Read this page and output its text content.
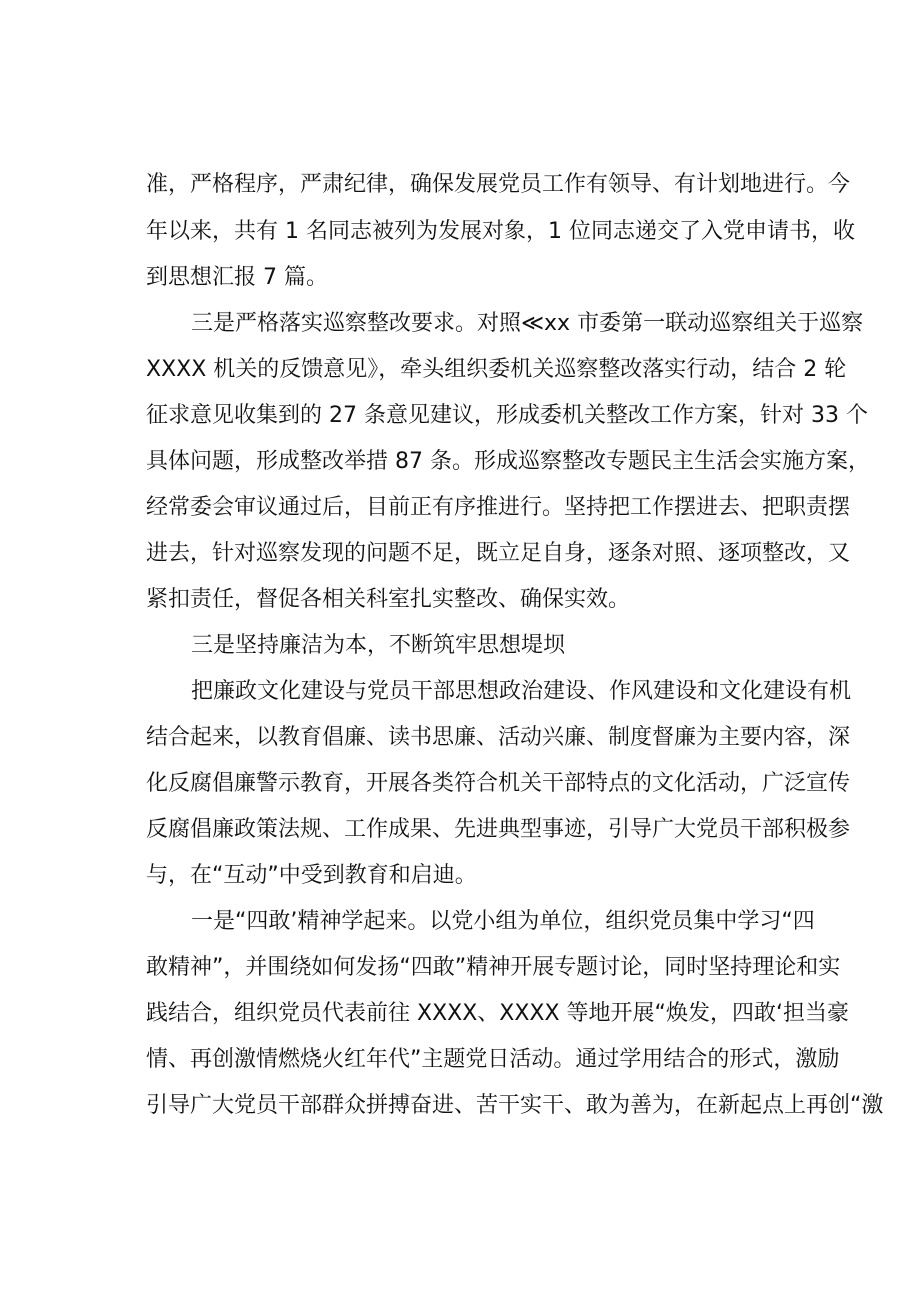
准，严格程序，严肃纪律，确保发展党员工作有领导、有计划地进行。今
年以来，共有 1 名同志被列为发展对象，1 位同志递交了入党申请书，收
到思想汇报 7 篇。
三是严格落实巡察整改要求。对照≪xx 市委第一联动巡察组关于巡察
XXXX 机关的反馈意见》，牵头组织委机关巡察整改落实行动，结合 2 轮
征求意见收集到的 27 条意见建议，形成委机关整改工作方案，针对 33 个
具体问题，形成整改举措 87 条。形成巡察整改专题民主生活会实施方案，
经常委会审议通过后，目前正有序推进行。坚持把工作摆进去、把职责摆
进去，针对巡察发现的问题不足，既立足自身，逐条对照、逐项整改，又
紧扣责任，督促各相关科室扎实整改、确保实效。
三是坚持廉洁为本，不断筑牢思想堤坝
把廉政文化建设与党员干部思想政治建设、作风建设和文化建设有机
结合起来，以教育倡廉、读书思廉、活动兴廉、制度督廉为主要内容，深
化反腐倡廉警示教育，开展各类符合机关干部特点的文化活动，广泛宣传
反腐倡廉政策法规、工作成果、先进典型事迹，引导广大党员干部积极参
与，在“互动”中受到教育和启迪。
一是“四敢’精神学起来。以党小组为单位，组织党员集中学习“四
敢精神”，并围绕如何发扬“四敢”精神开展专题讨论，同时坚持理论和实
践结合，组织党员代表前往 XXXX、XXXX 等地开展“焕发，四敢‘担当豪
情、再创激情燃烧火红年代”主题党日活动。通过学用结合的形式，激励
引导广大党员干部群众拼搏奋进、苦干实干、敢为善为，在新起点上再创“激
